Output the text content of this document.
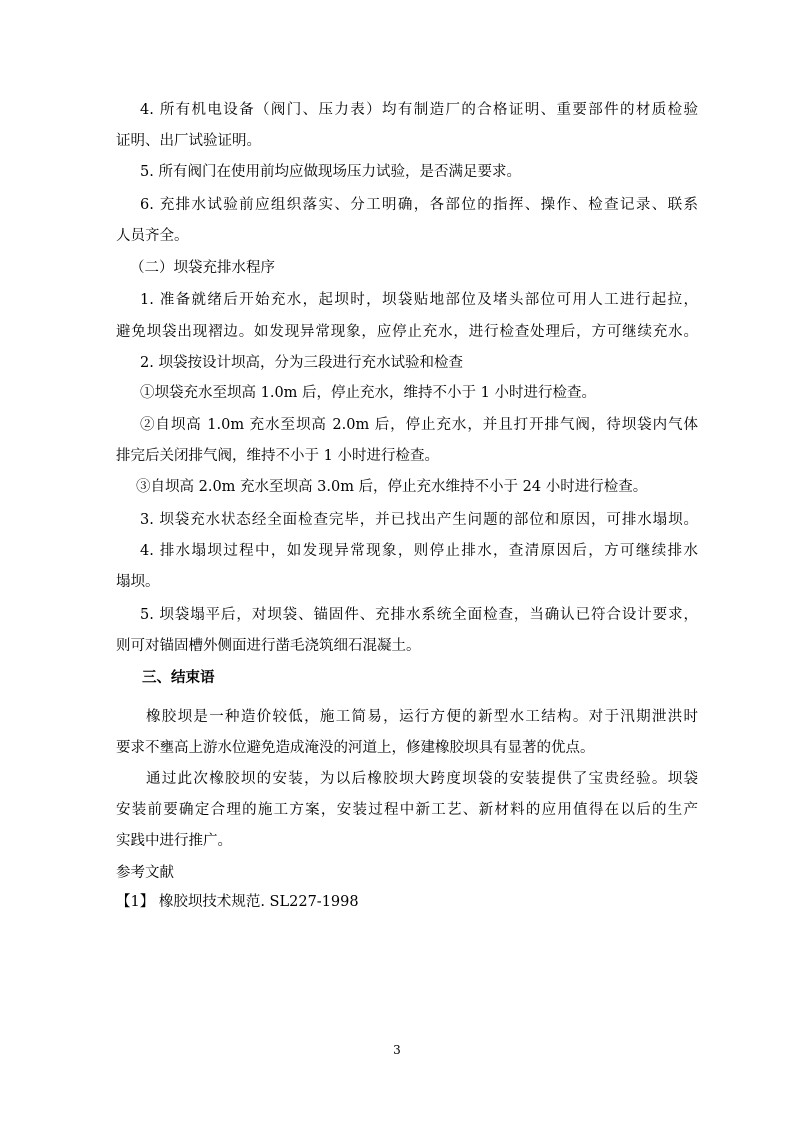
4. 所有机电设备（阀门、压力表）均有制造厂的合格证明、重要部件的材质检验
证明、出厂试验证明。
5. 所有阀门在使用前均应做现场压力试验，是否满足要求。
6. 充排水试验前应组织落实、分工明确，各部位的指挥、操作、检查记录、联系
人员齐全。
（二）坝袋充排水程序
1. 准备就绪后开始充水，起坝时，坝袋贴地部位及堵头部位可用人工进行起拉，
避免坝袋出现褶边。如发现异常现象，应停止充水，进行检查处理后，方可继续充水。
2. 坝袋按设计坝高，分为三段进行充水试验和检查
①坝袋充水至坝高 1.0m 后，停止充水，维持不小于 1 小时进行检查。
②自坝高 1.0m 充水至坝高 2.0m 后，停止充水，并且打开排气阀，待坝袋内气体
排完后关闭排气阀，维持不小于 1 小时进行检查。
③自坝高 2.0m 充水至坝高 3.0m 后，停止充水维持不小于 24 小时进行检查。
3. 坝袋充水状态经全面检查完毕，并已找出产生问题的部位和原因，可排水塌坝。
4. 排水塌坝过程中，如发现异常现象，则停止排水，查清原因后，方可继续排水
塌坝。
5. 坝袋塌平后，对坝袋、锚固件、充排水系统全面检查，当确认已符合设计要求，
则可对锚固槽外侧面进行凿毛浇筑细石混凝土。
三、结束语
橡胶坝是一种造价较低，施工简易，运行方便的新型水工结构。对于汛期泄洪时
要求不壅高上游水位避免造成淹没的河道上，修建橡胶坝具有显著的优点。
通过此次橡胶坝的安装，为以后橡胶坝大跨度坝袋的安装提供了宝贵经验。坝袋
安装前要确定合理的施工方案，安装过程中新工艺、新材料的应用值得在以后的生产
实践中进行推广。
参考文献
【1】 橡胶坝技术规范. SL227-1998
3
